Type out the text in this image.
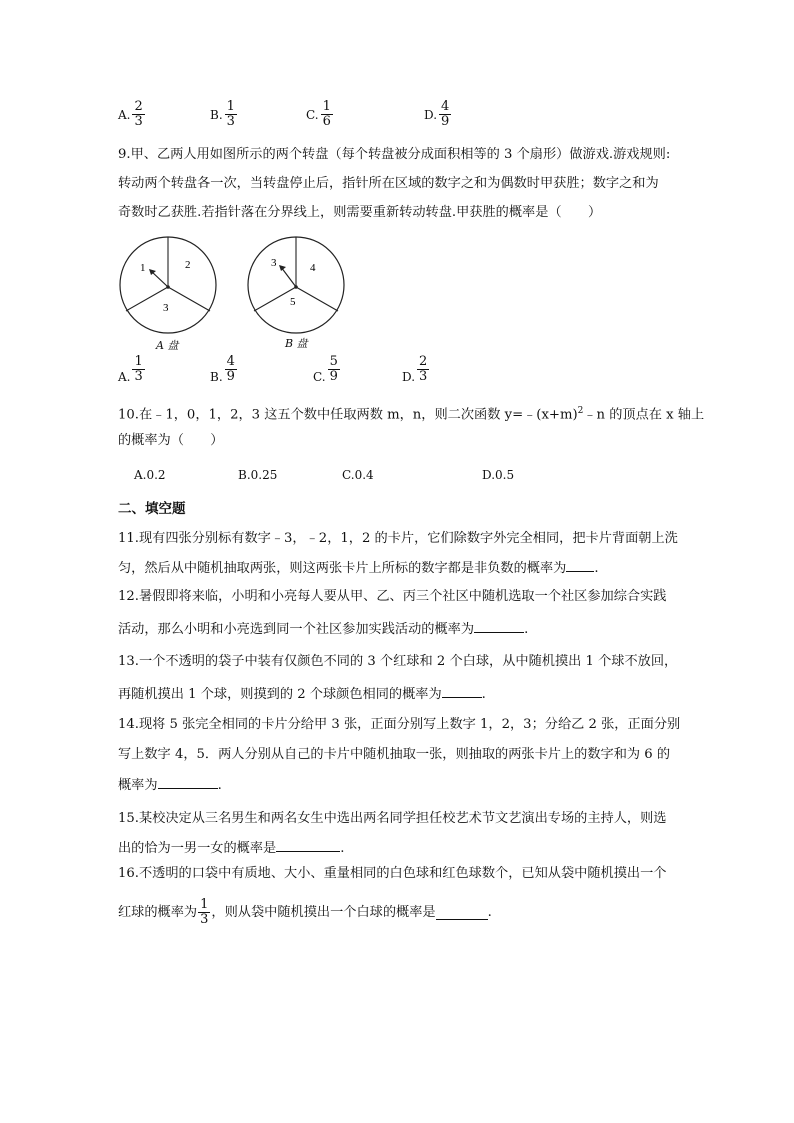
A. $\frac{2}{3}$	B. $\frac{1}{3}$	C. $\frac{1}{6}$	D. $\frac{4}{9}$
9.甲、乙两人用如图所示的两个转盘（每个转盘被分成面积相等的 3 个扇形）做游戏.游戏规则:
转动两个转盘各一次，当转盘停止后，指针所在区域的数字之和为偶数时甲获胜；数字之和为
奇数时乙获胜.若指针落在分界线上，则需要重新转动转盘.甲获胜的概率是（　　）
1	2
3
A 盘
3	4
5
B 盘
A. $\frac{1}{3}$	B. $\frac{4}{9}$	C. $\frac{5}{9}$	D. $\frac{2}{3}$
10.在﹣1，0，1，2，3 这五个数中任取两数 m，n，则二次函数 $y=﹣(x+m)^2﹣n$ 的顶点在 x 轴上
的概率为（　　）
A.0.2	B.0.25	C.0.4	D.0.5
二、填空题
11.现有四张分别标有数字﹣3，﹣2，1，2 的卡片，它们除数字外完全相同，把卡片背面朝上洗
匀，然后从中随机抽取两张，则这两张卡片上所标的数字都是非负数的概率为 .
12.暑假即将来临，小明和小亮每人要从甲、乙、丙三个社区中随机选取一个社区参加综合实践
活动，那么小明和小亮选到同一个社区参加实践活动的概率为	.
13.一个不透明的袋子中装有仅颜色不同的 3 个红球和 2 个白球，从中随机摸出 1 个球不放回，
再随机摸出 1 个球，则摸到的 2 个球颜色相同的概率为	.
14.现将 5 张完全相同的卡片分给甲 3 张，正面分别写上数字 1，2，3；分给乙 2 张，正面分别
写上数字 4，5．两人分别从自己的卡片中随机抽取一张，则抽取的两张卡片上的数字和为 6 的
概率为	.
15.某校决定从三名男生和两名女生中选出两名同学担任校艺术节文艺演出专场的主持人，则选
出的恰为一男一女的概率是	.
16.不透明的口袋中有质地、大小、重量相同的白色球和红色球数个，已知从袋中随机摸出一个
红球的概率为 $\frac{1}{3}$ ，则从袋中随机摸出一个白球的概率是	.
